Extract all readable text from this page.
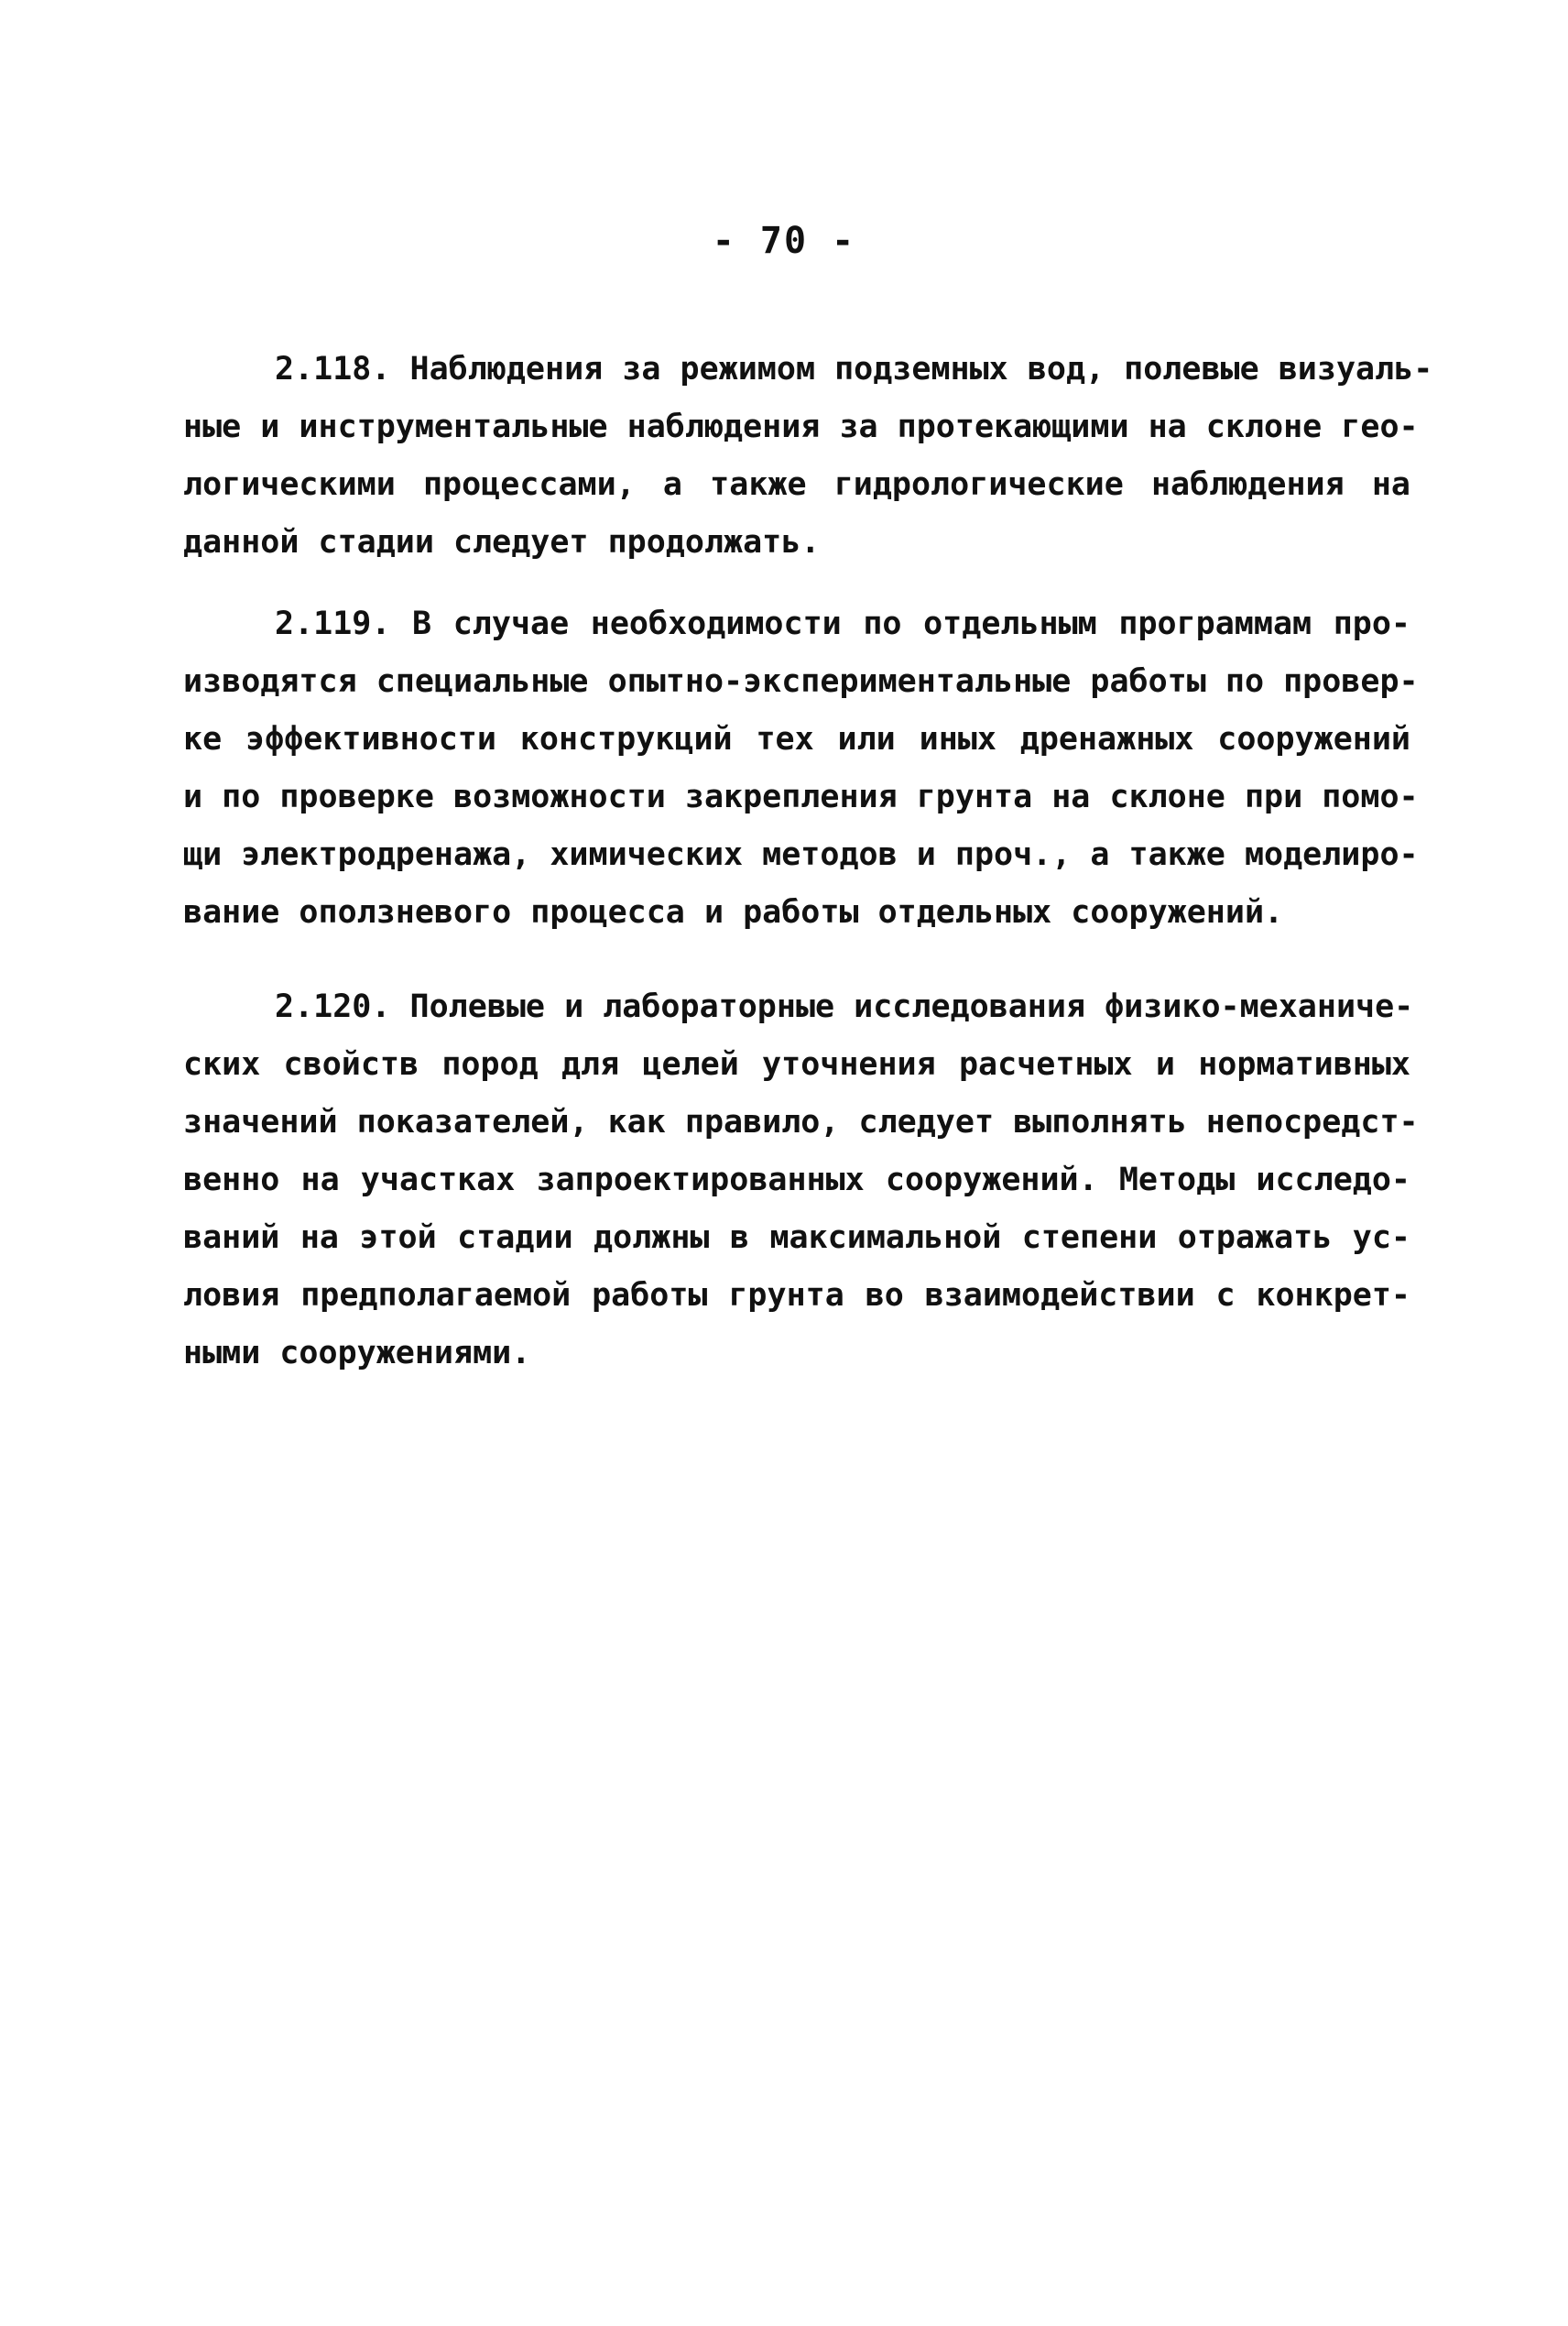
- 70 -
2.118. Наблюдения за режимом подземных вод, полевые визуаль-
ные и инструментальные наблюдения за протекающими на склоне гео-
логическими процессами, а также гидрологические наблюдения на
данной стадии следует продолжать.
2.119. В случае необходимости по отдельным программам про-
изводятся специальные опытно-экспериментальные работы по провер-
ке эффективности конструкций тех или иных дренажных сооружений
и по проверке возможности закрепления грунта на склоне при помо-
щи электродренажа, химических методов и проч., а также моделиро-
вание оползневого процесса и работы отдельных сооружений.
2.120. Полевые и лабораторные исследования физико-механиче-
ских свойств пород для целей уточнения расчетных и нормативных
значений показателей, как правило, следует выполнять непосредст-
венно на участках запроектированных сооружений. Методы исследо-
ваний на этой стадии должны в максимальной степени отражать ус-
ловия предполагаемой работы грунта во взаимодействии с конкрет-
ными сооружениями.
